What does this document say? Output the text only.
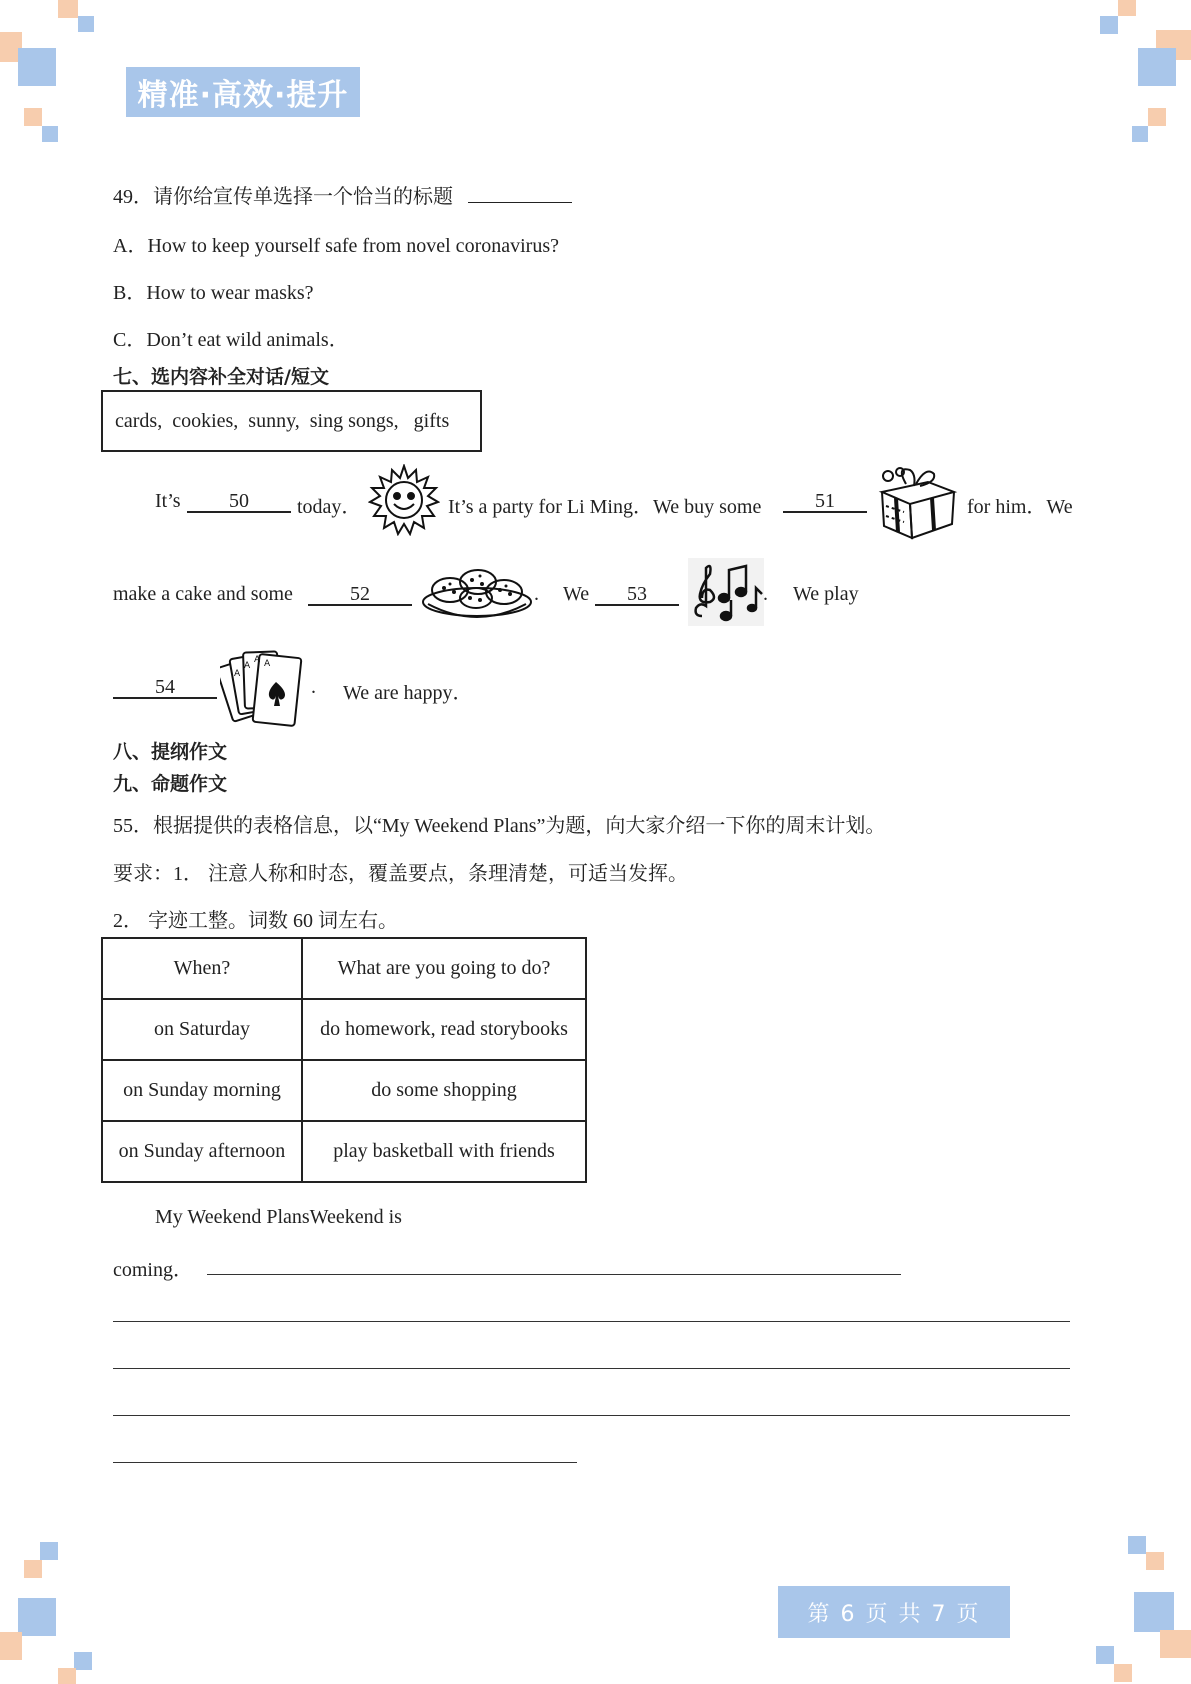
精准·高效·提升
49．请你给宣传单选择一个恰当的标题
A．How to keep yourself safe from novel coronavirus?
B．How to wear masks?
C．Don’t eat wild animals．
七、选内容补全对话/短文
cards,  cookies,  sunny,  sing songs,   gifts
It’s	50	today．	It’s a party for Li Ming．We buy some	51	for him．We
make a cake and some	52	. We	53	. We play
54
A
A
A A
. We are happy．
八、提纲作文
九、命题作文
55．根据提供的表格信息，以“My Weekend Plans”为题，向大家介绍一下你的周末计划。
要求：1． 注意人称和时态，覆盖要点，条理清楚，可适当发挥。
2． 字迹工整。词数 60 词左右。
When?	What are you going to do?
on Saturday	do homework, read storybooks
on Sunday morning	do some shopping
on Sunday afternoon	play basketball with friends
My Weekend PlansWeekend is
coming．
第 6 页 共 7 页
